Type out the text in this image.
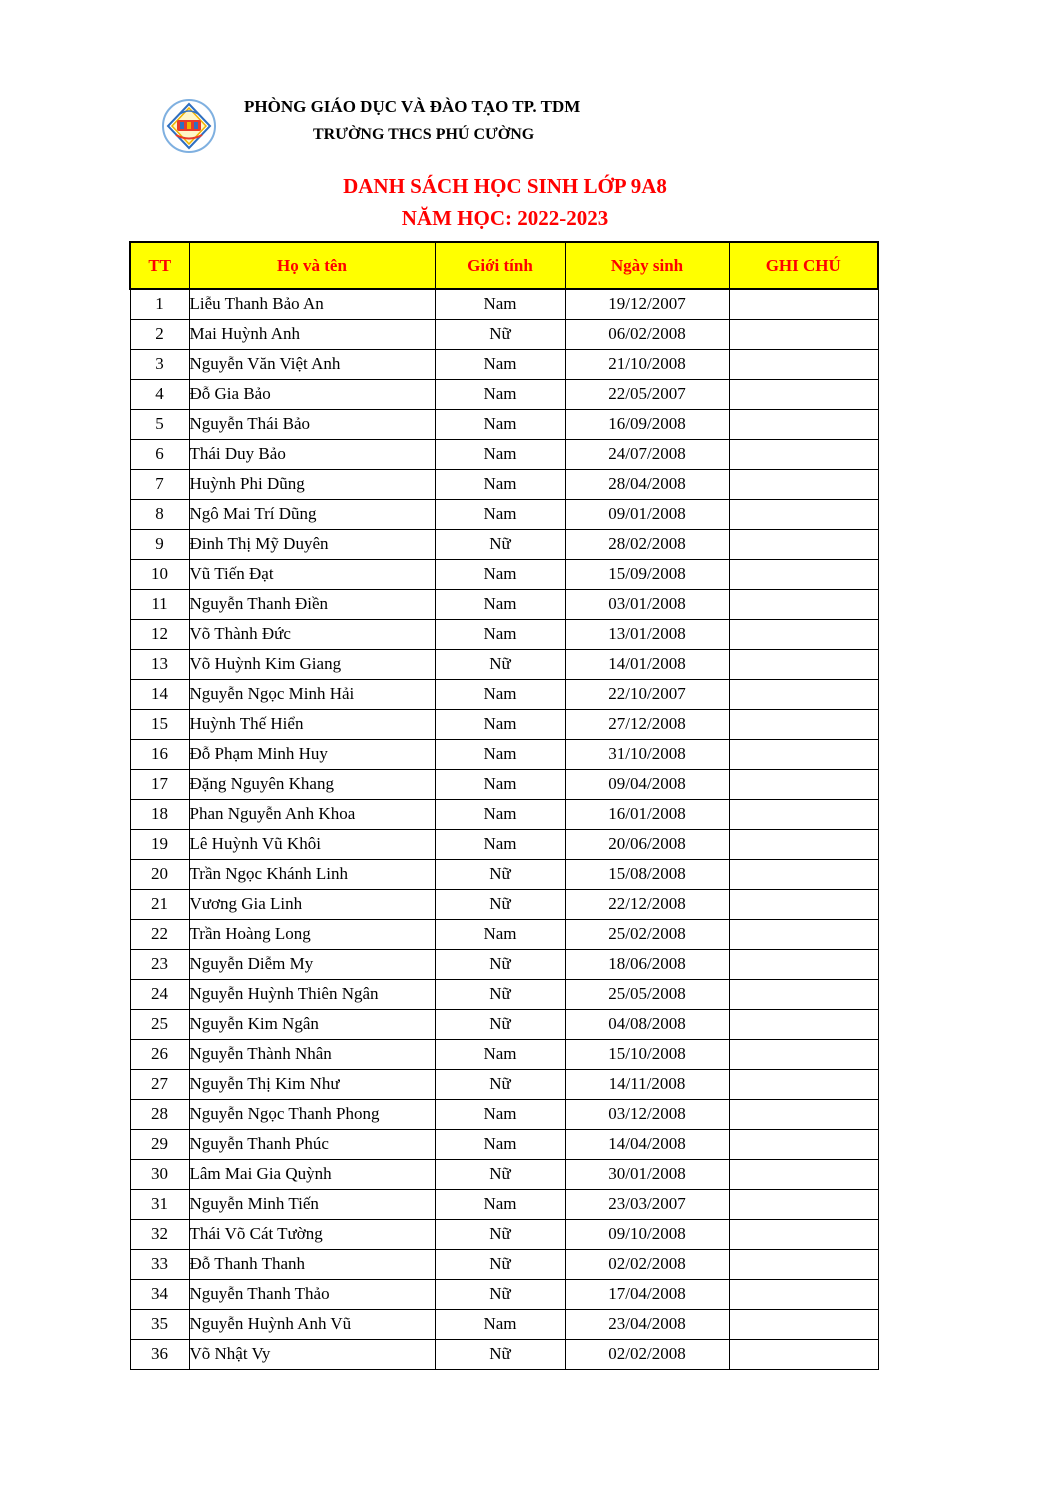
PHÒNG GIÁO DỤC VÀ ĐÀO TẠO TP. TDM
TRƯỜNG THCS PHÚ CƯỜNG
DANH SÁCH HỌC SINH LỚP 9A8
NĂM HỌC: 2022-2023
TT	Họ và tên	Giới tính	Ngày sinh	GHI CHÚ
1	Liễu Thanh Bảo An	Nam	19/12/2007	
2	Mai Huỳnh Anh	Nữ	06/02/2008	
3	Nguyễn Văn Việt Anh	Nam	21/10/2008	
4	Đỗ Gia Bảo	Nam	22/05/2007	
5	Nguyễn Thái Bảo	Nam	16/09/2008	
6	Thái Duy Bảo	Nam	24/07/2008	
7	Huỳnh Phi Dũng	Nam	28/04/2008	
8	Ngô Mai Trí Dũng	Nam	09/01/2008	
9	Đinh Thị Mỹ Duyên	Nữ	28/02/2008	
10	Vũ Tiến Đạt	Nam	15/09/2008	
11	Nguyễn Thanh Điền	Nam	03/01/2008	
12	Võ Thành Đức	Nam	13/01/2008	
13	Võ Huỳnh Kim Giang	Nữ	14/01/2008	
14	Nguyễn Ngọc Minh Hải	Nam	22/10/2007	
15	Huỳnh Thế Hiển	Nam	27/12/2008	
16	Đỗ Phạm Minh Huy	Nam	31/10/2008	
17	Đặng Nguyên Khang	Nam	09/04/2008	
18	Phan Nguyễn Anh Khoa	Nam	16/01/2008	
19	Lê Huỳnh Vũ Khôi	Nam	20/06/2008	
20	Trần Ngọc Khánh Linh	Nữ	15/08/2008	
21	Vương Gia Linh	Nữ	22/12/2008	
22	Trần Hoàng Long	Nam	25/02/2008	
23	Nguyễn Diễm My	Nữ	18/06/2008	
24	Nguyễn Huỳnh Thiên Ngân	Nữ	25/05/2008	
25	Nguyễn Kim Ngân	Nữ	04/08/2008	
26	Nguyễn Thành Nhân	Nam	15/10/2008	
27	Nguyễn Thị Kim Như	Nữ	14/11/2008	
28	Nguyễn Ngọc Thanh Phong	Nam	03/12/2008	
29	Nguyễn Thanh Phúc	Nam	14/04/2008	
30	Lâm Mai Gia Quỳnh	Nữ	30/01/2008	
31	Nguyễn Minh Tiến	Nam	23/03/2007	
32	Thái Võ Cát Tường	Nữ	09/10/2008	
33	Đỗ Thanh Thanh	Nữ	02/02/2008	
34	Nguyễn Thanh Thảo	Nữ	17/04/2008	
35	Nguyễn Huỳnh Anh Vũ	Nam	23/04/2008	
36	Võ Nhật Vy	Nữ	02/02/2008	
